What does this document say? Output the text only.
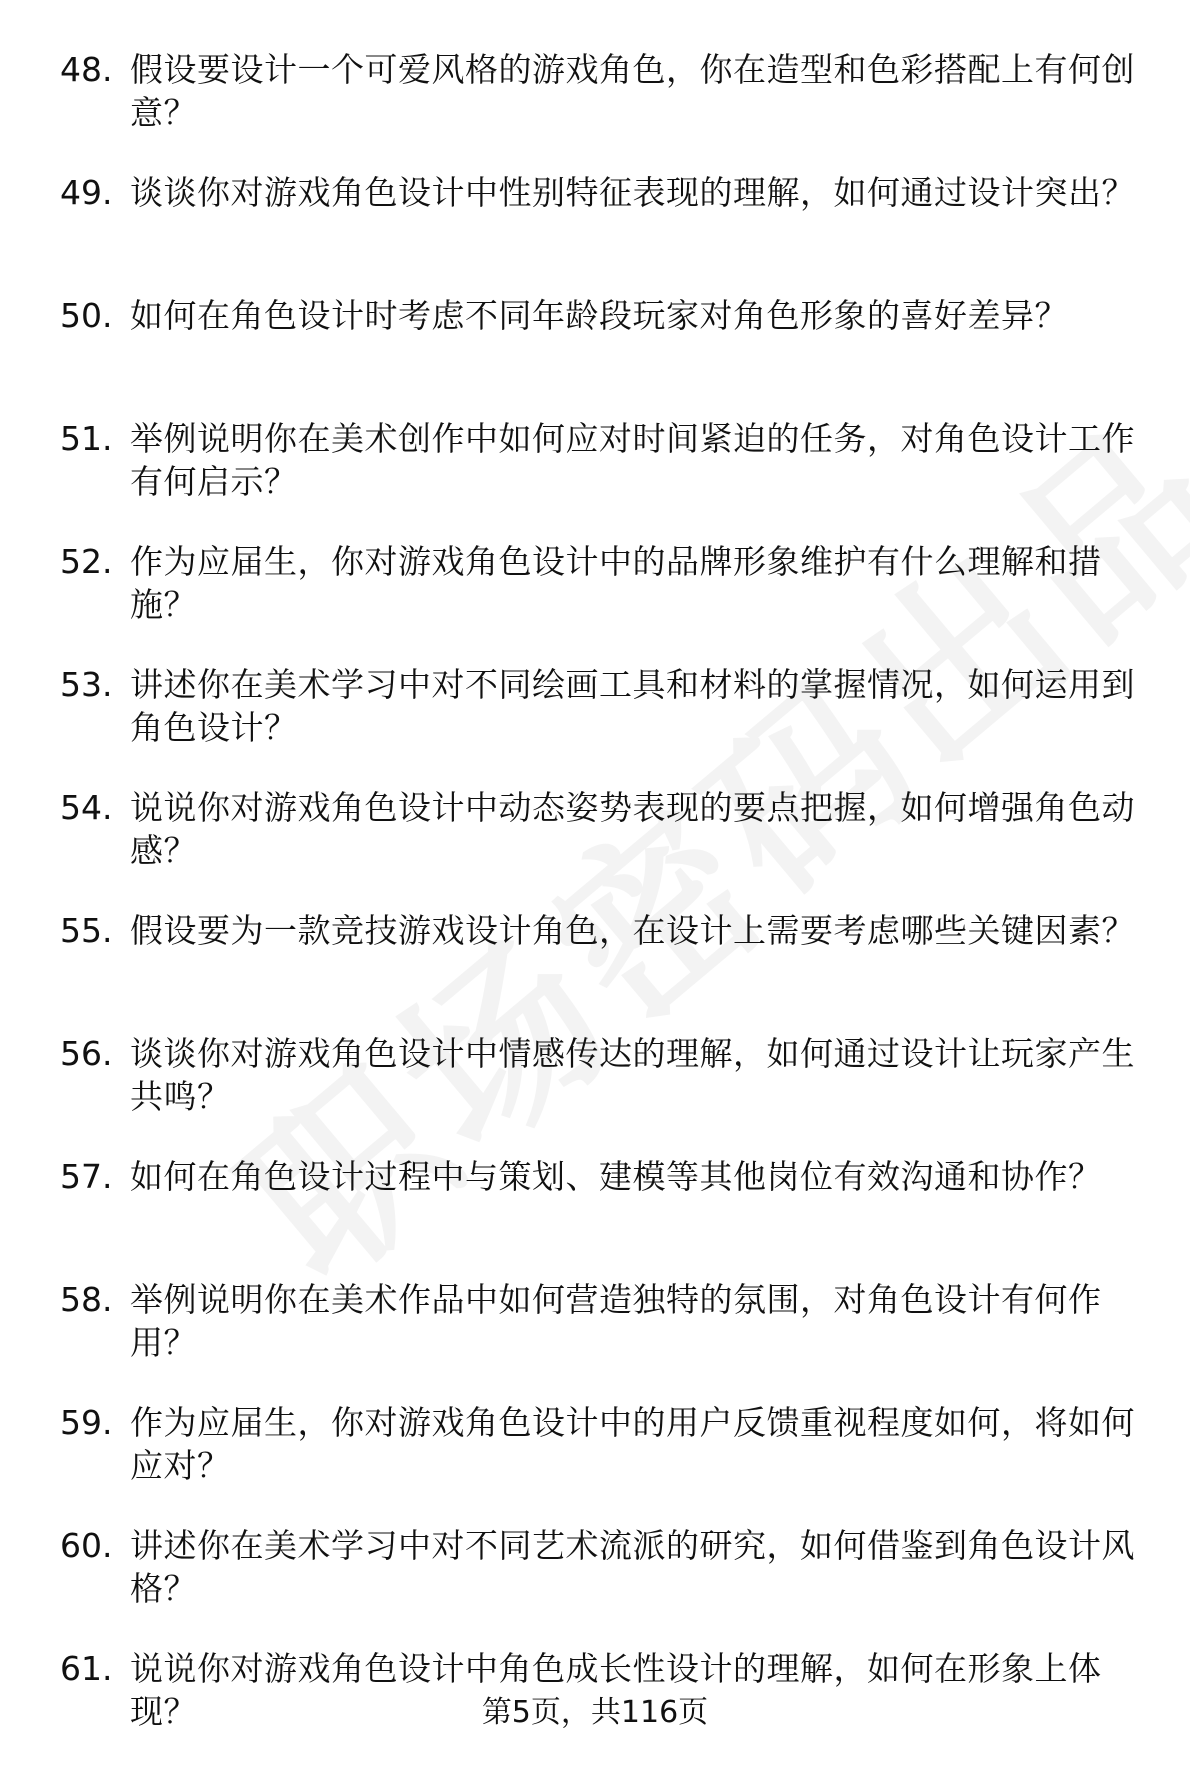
48. 假设要设计一个可爱风格的游戏角色，你在造型和色彩搭配上有何创意？
49. 谈谈你对游戏角色设计中性别特征表现的理解，如何通过设计突出？
50. 如何在角色设计时考虑不同年龄段玩家对角色形象的喜好差异？
51. 举例说明你在美术创作中如何应对时间紧迫的任务，对角色设计工作有何启示？
52. 作为应届生，你对游戏角色设计中的品牌形象维护有什么理解和措施？
53. 讲述你在美术学习中对不同绘画工具和材料的掌握情况，如何运用到角色设计？
54. 说说你对游戏角色设计中动态姿势表现的要点把握，如何增强角色动感？
55. 假设要为一款竞技游戏设计角色，在设计上需要考虑哪些关键因素？
56. 谈谈你对游戏角色设计中情感传达的理解，如何通过设计让玩家产生共鸣？
57. 如何在角色设计过程中与策划、建模等其他岗位有效沟通和协作？
58. 举例说明你在美术作品中如何营造独特的氛围，对角色设计有何作用？
59. 作为应届生，你对游戏角色设计中的用户反馈重视程度如何，将如何应对？
60. 讲述你在美术学习中对不同艺术流派的研究，如何借鉴到角色设计风格？
61. 说说你对游戏角色设计中角色成长性设计的理解，如何在形象上体现？	第5页，共116页
